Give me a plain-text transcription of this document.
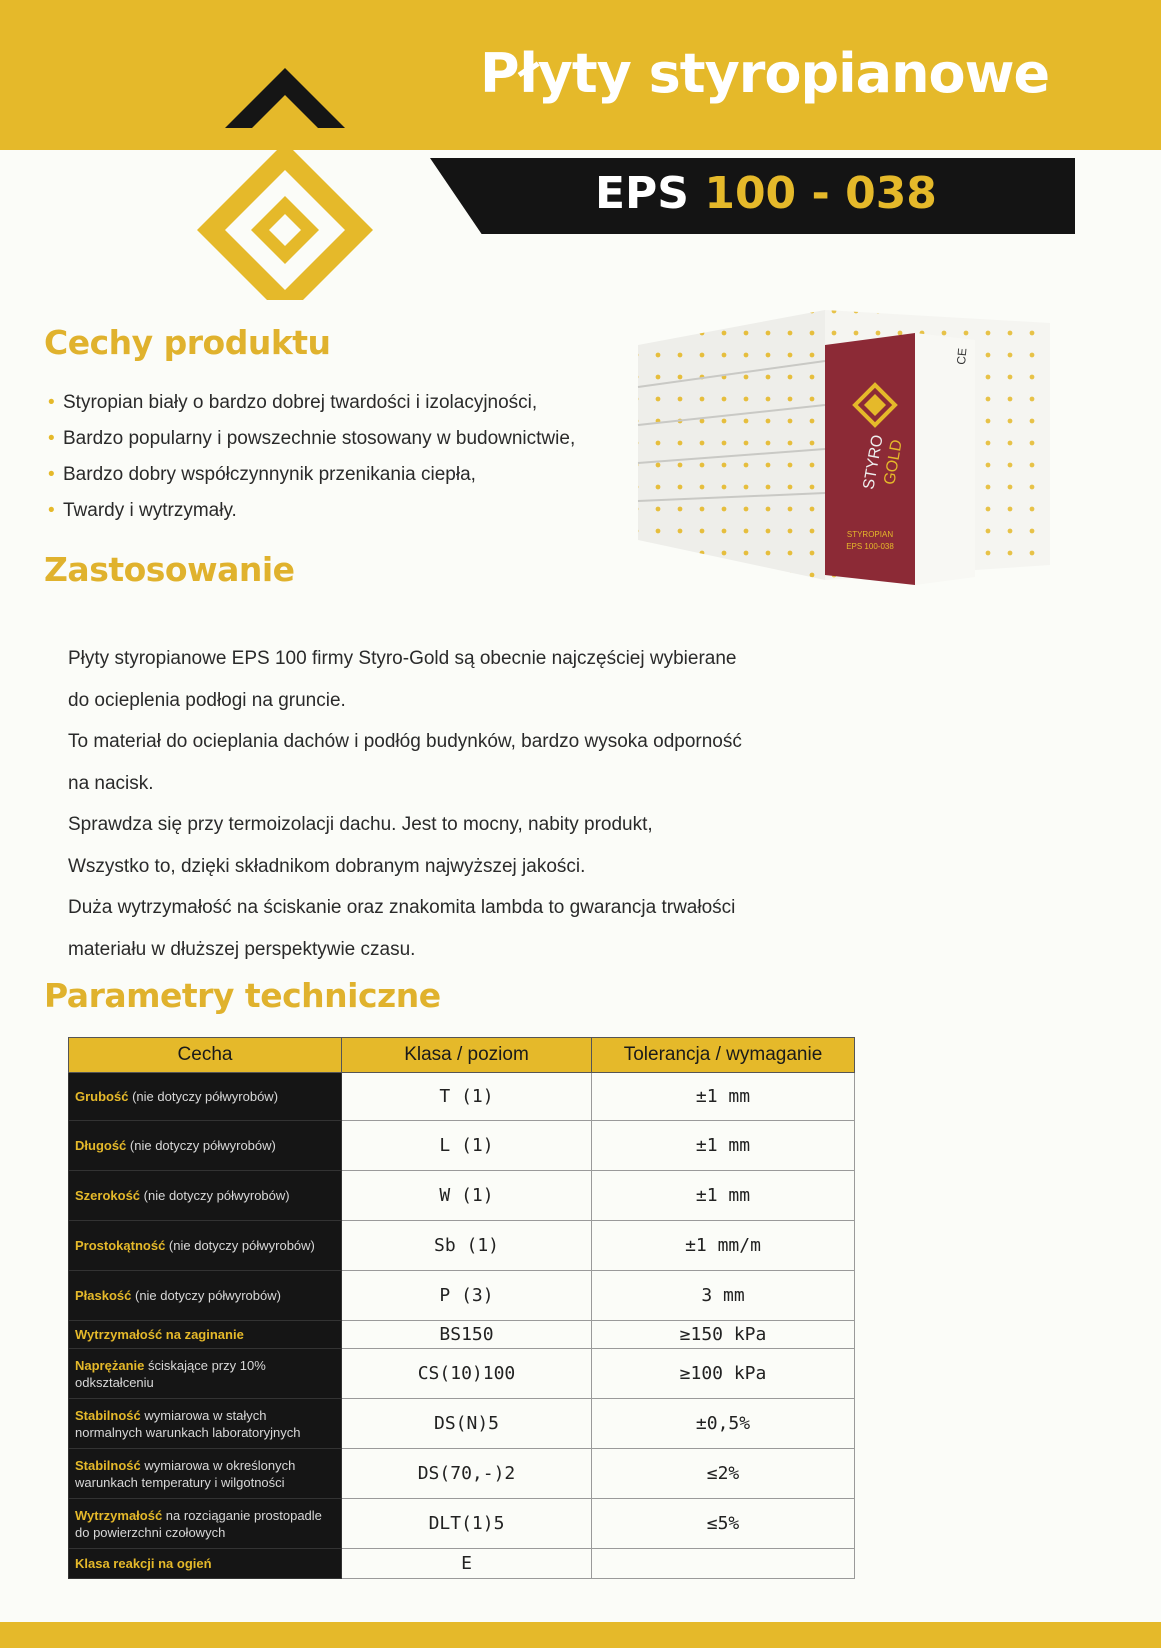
Płyty styropianowe
EPS 100 - 038
Cechy produktu
• Styropian biały o bardzo dobrej twardości i izolacyjności,
• Bardzo popularny i powszechnie stosowany w budownictwie,
• Bardzo dobry współczynnynik przenikania ciepła,
• Twardy i wytrzymały.
STYRO
GOLD
STYROPIAN
EPS 100-038
CE
Zastosowanie
Płyty styropianowe EPS 100 firmy Styro-Gold są obecnie najczęściej wybierane
do ocieplenia podłogi na gruncie.
To materiał do ocieplania dachów i podłóg budynków, bardzo wysoka odporność
na nacisk.
Sprawdza się przy termoizolacji dachu. Jest to mocny, nabity produkt,
Wszystko to, dzięki składnikom dobranym najwyższej jakości.
Duża wytrzymałość na ściskanie oraz znakomita lambda to gwarancja trwałości
materiału w dłuższej perspektywie czasu.
Parametry techniczne
Cecha	Klasa / poziom	Tolerancja / wymaganie
Grubość (nie dotyczy półwyrobów)	T (1)	±1 mm
Długość (nie dotyczy półwyrobów)	L (1)	±1 mm
Szerokość (nie dotyczy półwyrobów)	W (1)	±1 mm
Prostokątność (nie dotyczy półwyrobów)	Sb (1)	±1 mm/m
Płaskość (nie dotyczy półwyrobów)	P (3)	3 mm
Wytrzymałość na zaginanie	BS150	≥150 kPa
Naprężanie ściskające przy 10% odkształceniu	CS(10)100	≥100 kPa
Stabilność wymiarowa w stałych normalnych warunkach laboratoryjnych	DS(N)5	±0,5%
Stabilność wymiarowa w określonych warunkach temperatury i wilgotności	DS(70,-)2	≤2%
Wytrzymałość na rozciąganie prostopadle do powierzchni czołowych	DLT(1)5	≤5%
Klasa reakcji na ogień	E	
